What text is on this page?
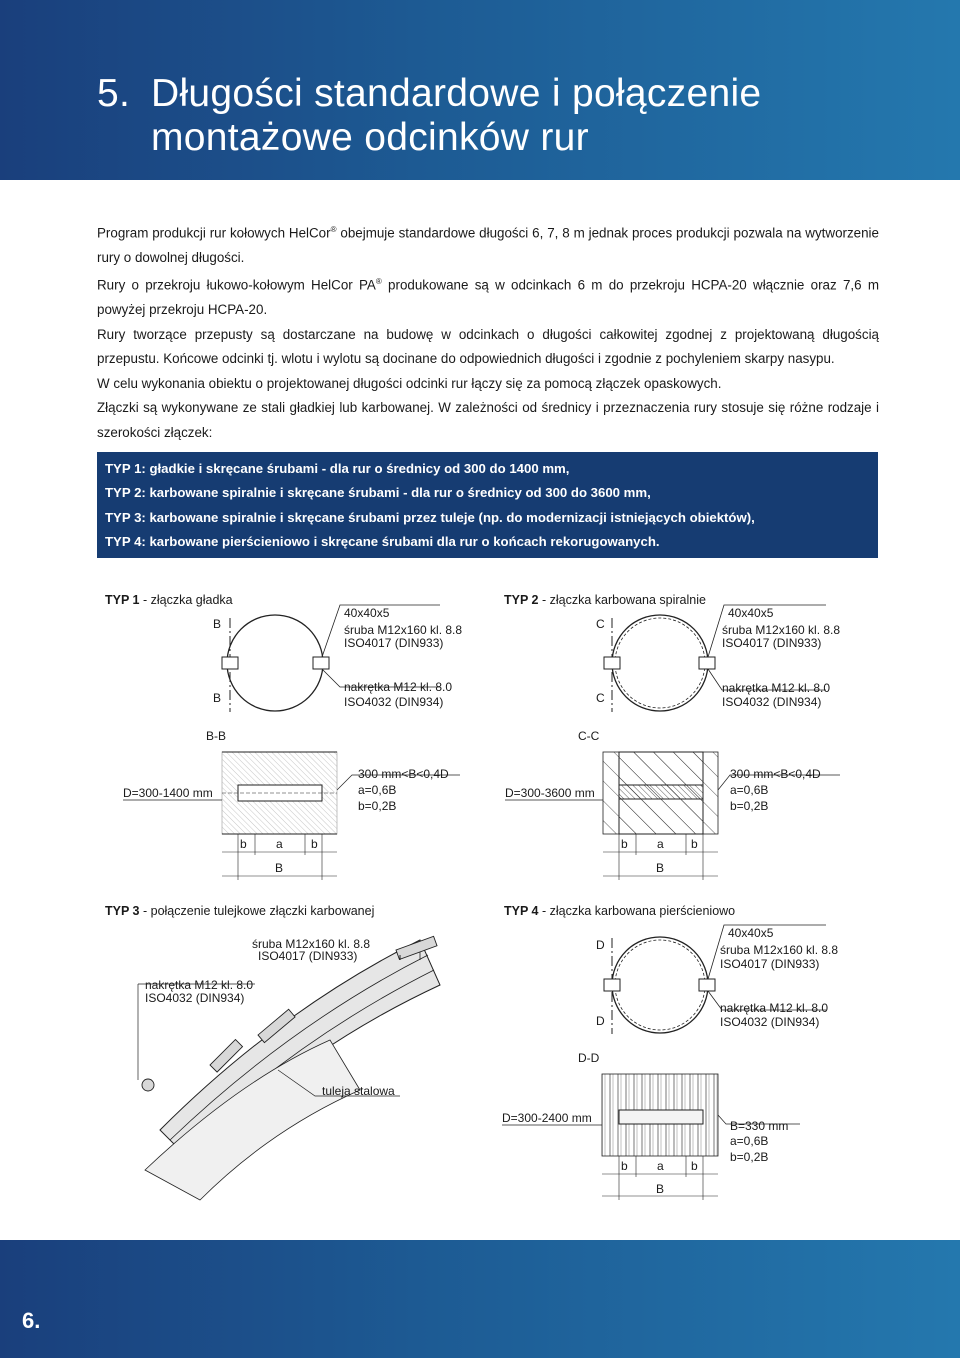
5. Długości standardowe i połączenie
montażowe odcinków rur

Program produkcji rur kołowych HelCor® obejmuje standardowe długości 6, 7, 8 m jednak proces produkcji pozwala na wytworzenie rury o dowolnej długości.

Rury o przekroju łukowo-kołowym HelCor PA® produkowane są w odcinkach 6 m do przekroju HCPA-20 włącznie oraz 7,6 m powyżej przekroju HCPA-20.

Rury tworzące przepusty są dostarczane na budowę w odcinkach o długości całkowitej zgodnej z projektowaną długością przepustu. Końcowe odcinki tj. wlotu i wylotu są docinane do odpowiednich długości i zgodnie z pochyleniem skarpy nasypu.

W celu wykonania obiektu o projektowanej długości odcinki rur łączy się za pomocą złączek opaskowych.

Złączki są wykonywane ze stali gładkiej lub karbowanej. W zależności od średnicy i przeznaczenia rury stosuje się różne rodzaje i szerokości złączek:

TYP 1: gładkie i skręcane śrubami - dla rur o średnicy od 300 do 1400 mm,
TYP 2: karbowane spiralnie i skręcane śrubami - dla rur o średnicy od 300 do 3600 mm,
TYP 3: karbowane spiralnie i skręcane śrubami przez tuleje (np. do modernizacji istniejących obiektów),
TYP 4: karbowane pierścieniowo i skręcane śrubami dla rur o końcach rekorugowanych.
TYP 1 - złączka gładka
B
B
40x40x5
śruba M12x160 kl. 8.8
ISO4017 (DIN933)
nakrętka M12 kl. 8.0
ISO4032 (DIN934)
B-B
D=300-1400 mm
300 mm<B<0,4D
a=0,6B
b=0,2B
b a b
B
TYP 2 - złączka karbowana spiralnie
C
C
40x40x5
śruba M12x160 kl. 8.8
ISO4017 (DIN933)
nakrętka M12 kl. 8.0
ISO4032 (DIN934)
C-C
D=300-3600 mm
300 mm<B<0,4D
a=0,6B
b=0,2B
b a b
B
TYP 3 - połączenie tulejkowe złączki karbowanej
śruba M12x160 kl. 8.8
ISO4017 (DIN933)
nakrętka M12 kl. 8.0
ISO4032 (DIN934)
tuleja stalowa
TYP 4 - złączka karbowana pierścieniowo
D
D
40x40x5
śruba M12x160 kl. 8.8
ISO4017 (DIN933)
nakrętka M12 kl. 8.0
ISO4032 (DIN934)
D-D
D=300-2400 mm
B=330 mm
a=0,6B
b=0,2B
b a b
B
6.
